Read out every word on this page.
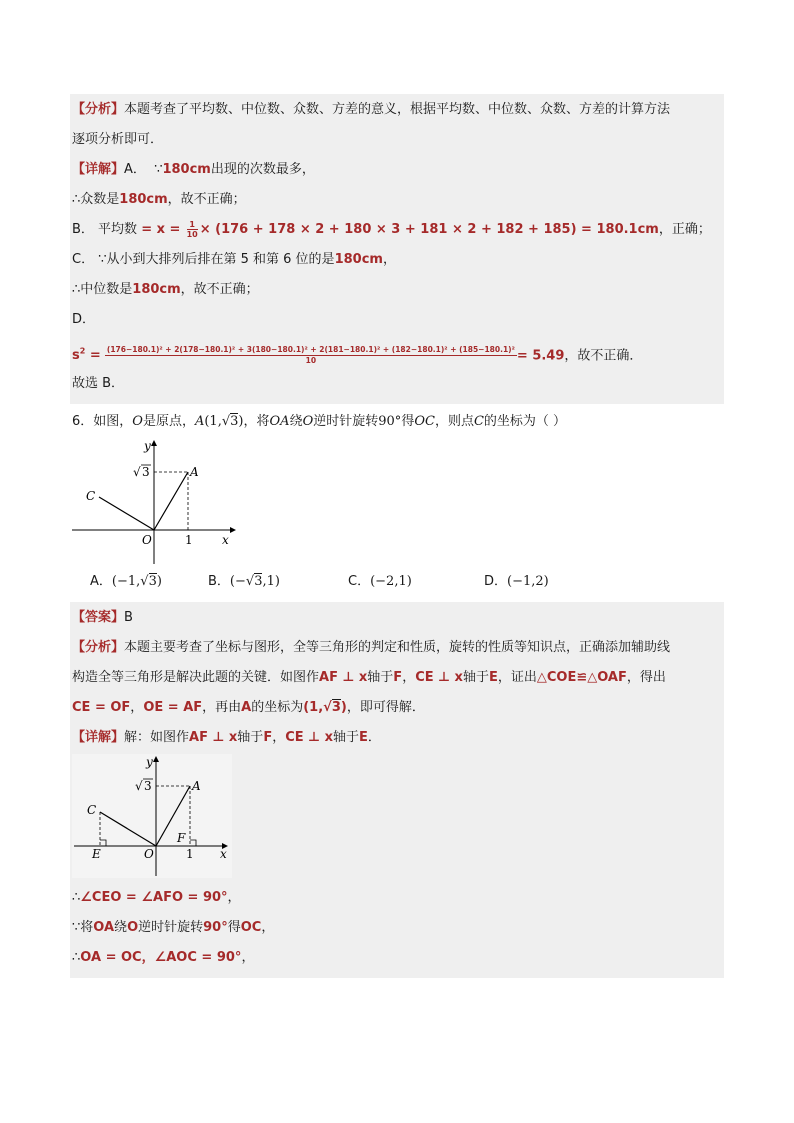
【分析】本题考查了平均数、中位数、众数、方差的意义，根据平均数、中位数、众数、方差的计算方法
逐项分析即可．
【详解】A． ∵180cm出现的次数最多，
∴众数是180cm，故不正确；
B． 平均数 = $x = \frac{1}{10} \times (176 + 178 \times 2 + 180 \times 3 + 181 \times 2 + 182 + 185) = 180.1cm$，正确；
C． ∵从小到大排列后排在第 5 和第 6 位的是180cm，
∴中位数是180cm，故不正确；
D．
$s^2 = (176-180.1)^2 + 2(178-180.1)^2 + 3(180-180.1)^2 + 2(181-180.1)^2 + (182-180.1)^2 + (185-180.1)^2$
10	= 5.49，故不正确．
故选 B．
6．如图，O是原点，A(1,√3)，将OA绕O逆时针旋转90°得OC，则点C的坐标为（ ）
y
x
O
A
C
1
√ 3
A．(−1,√3)	B．(−√3,1)	C．(−2,1)	D．(−1,2)
【答案】B
【分析】本题主要考查了坐标与图形，全等三角形的判定和性质，旋转的性质等知识点，正确添加辅助线
构造全等三角形是解决此题的关键．如图作AF ⊥ x轴于F，CE ⊥ x轴于E，证出△COE≌△OAF，得出
CE = OF，OE = AF，再由A的坐标为(1,√3)，即可得解．
【详解】解：如图作AF ⊥ x轴于F，CE ⊥ x轴于E．
y
x
O
A
C
E
F
1
√ 3
∴∠CEO = ∠AFO = 90°，
∵将OA绕O逆时针旋转90°得OC，
∴OA = OC，∠AOC = 90°，
